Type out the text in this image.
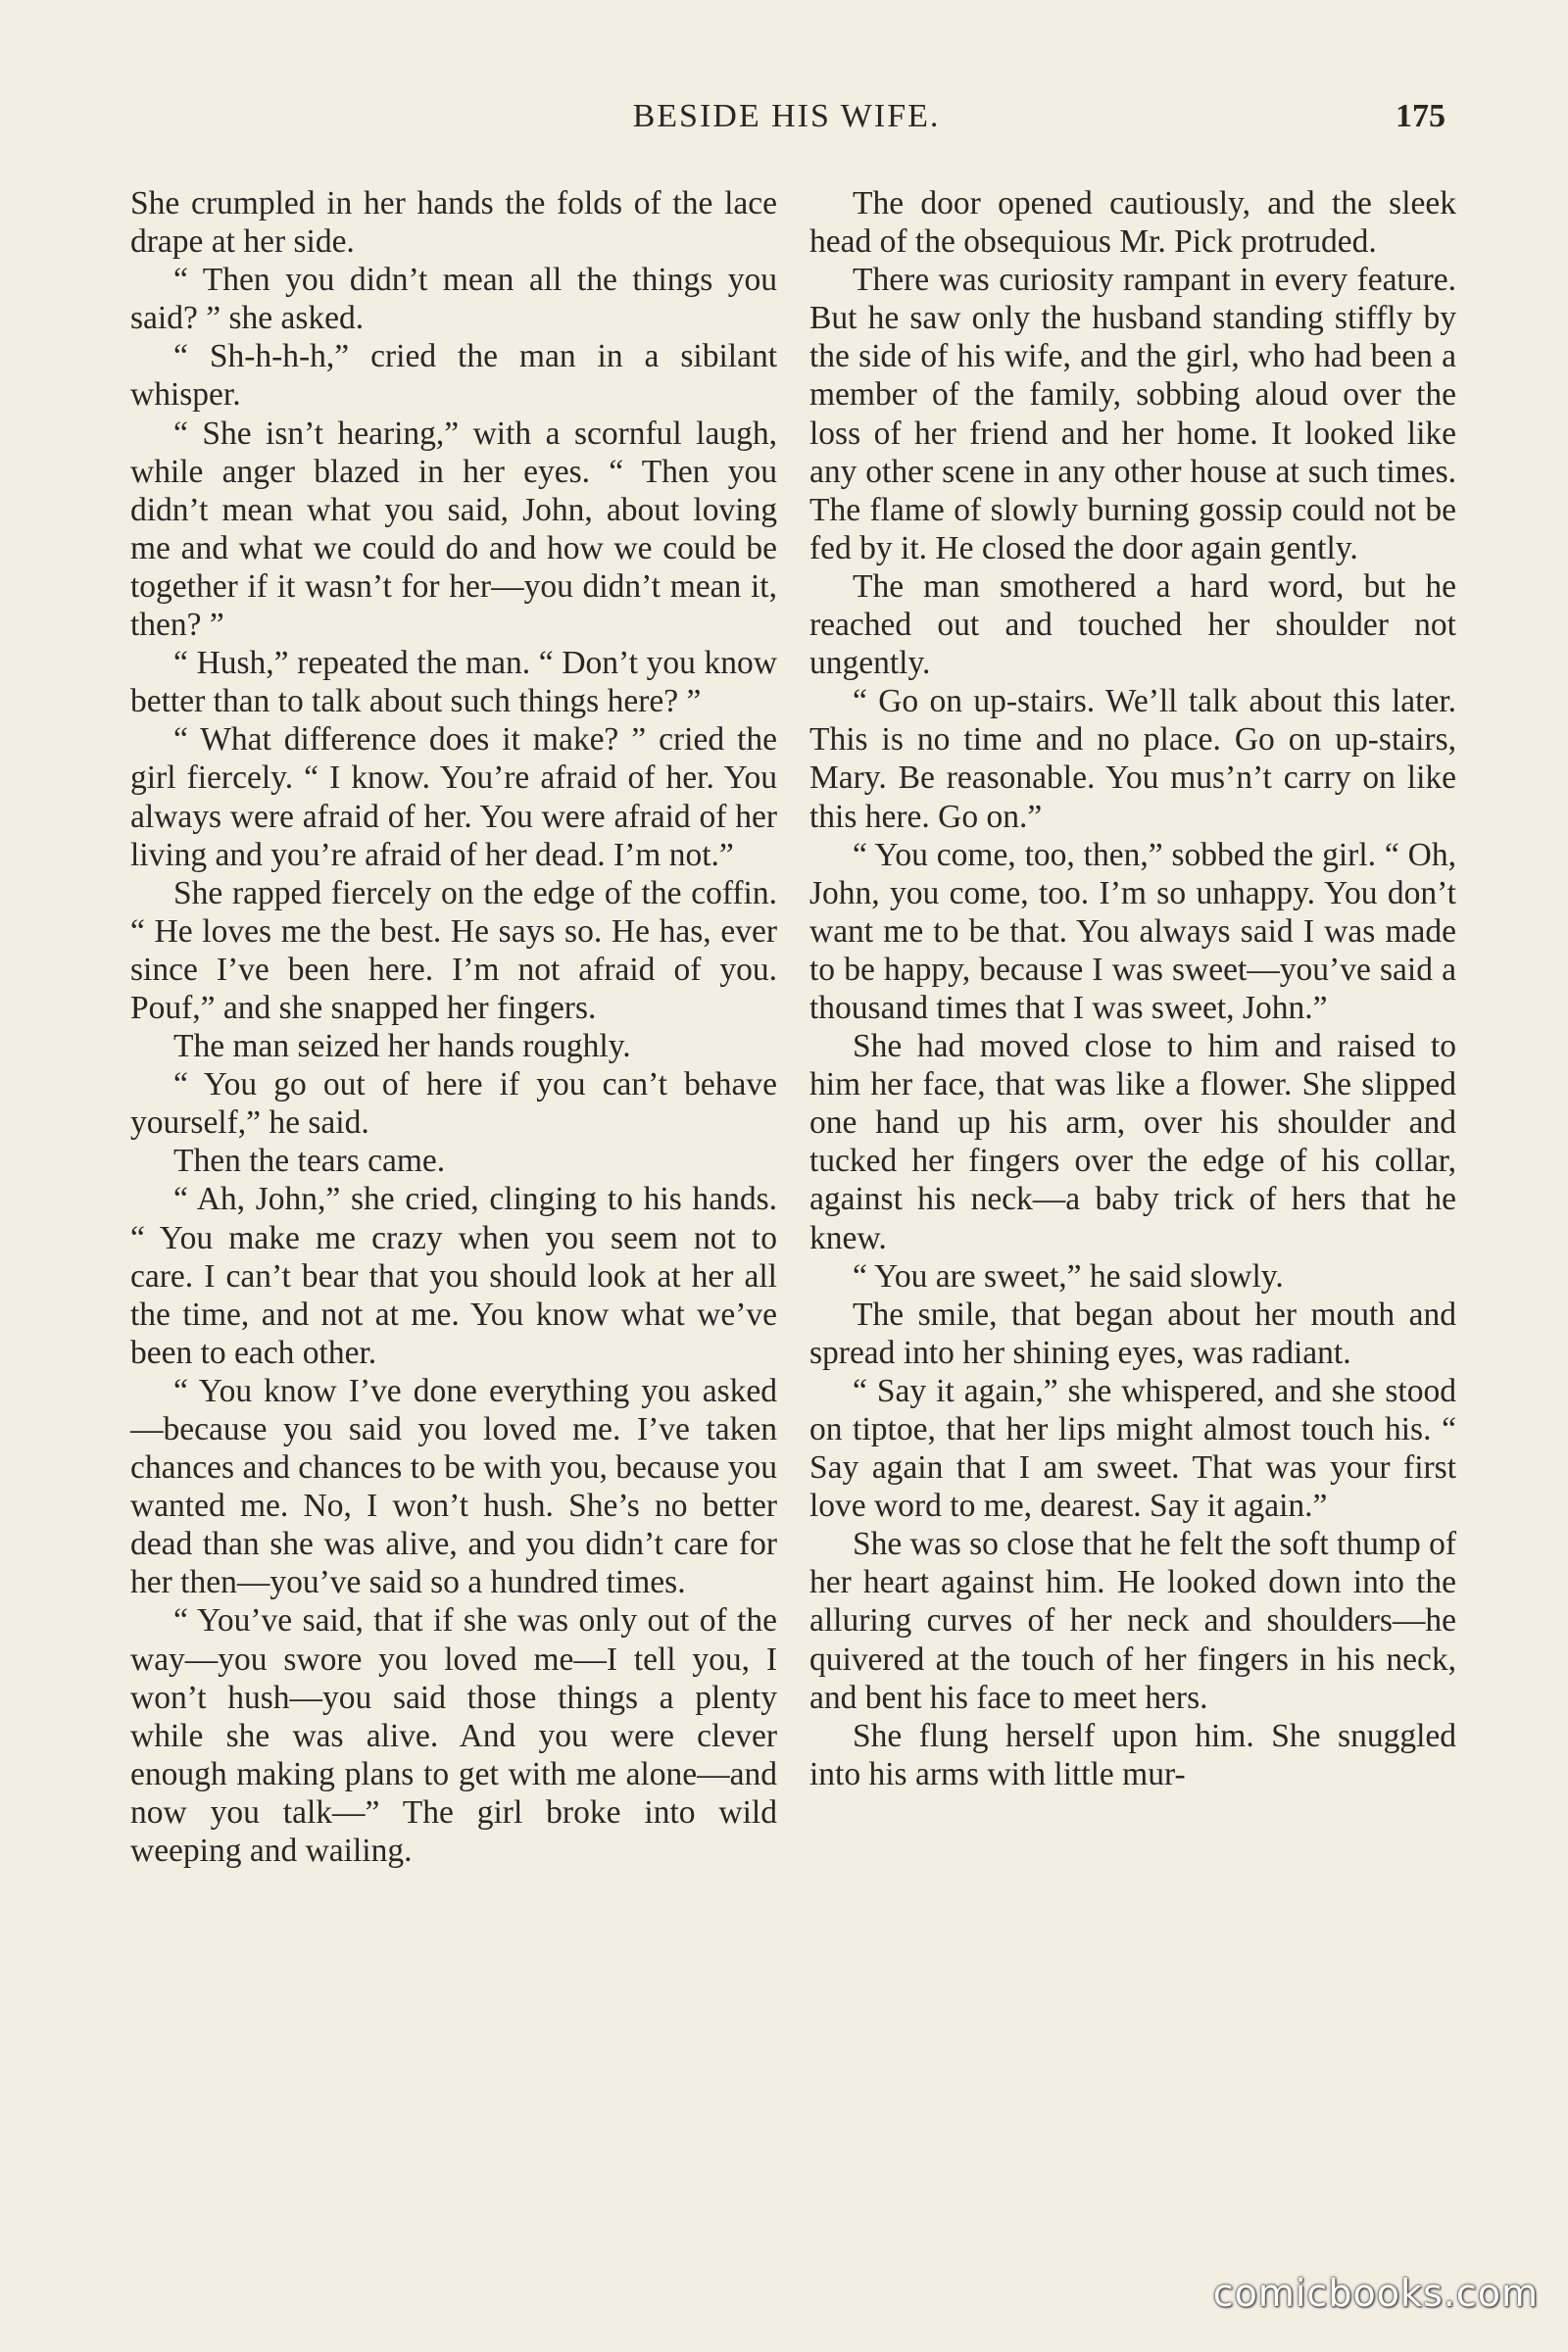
BESIDE HIS WIFE.	175

She crumpled in her hands the folds of the lace drape at her side.

“ Then you didn’t mean all the things you said? ” she asked.

“ Sh-h-h-h,” cried the man in a sibilant whisper.

“ She isn’t hearing,” with a scornful laugh, while anger blazed in her eyes. “ Then you didn’t mean what you said, John, about loving me and what we could do and how we could be together if it wasn’t for her—you didn’t mean it, then? ”

“ Hush,” repeated the man. “ Don’t you know better than to talk about such things here? ”

“ What difference does it make? ” cried the girl fiercely. “ I know. You’re afraid of her. You always were afraid of her. You were afraid of her living and you’re afraid of her dead. I’m not.”

She rapped fiercely on the edge of the coffin. “ He loves me the best. He says so. He has, ever since I’ve been here. I’m not afraid of you. Pouf,” and she snapped her fingers.

The man seized her hands roughly.

“ You go out of here if you can’t behave yourself,” he said.

Then the tears came.

“ Ah, John,” she cried, clinging to his hands. “ You make me crazy when you seem not to care. I can’t bear that you should look at her all the time, and not at me. You know what we’ve been to each other.

“ You know I’ve done everything you asked—because you said you loved me. I’ve taken chances and chances to be with you, because you wanted me. No, I won’t hush. She’s no better dead than she was alive, and you didn’t care for her then—you’ve said so a hundred times.

“ You’ve said, that if she was only out of the way—you swore you loved me—I tell you, I won’t hush—you said those things a plenty while she was alive. And you were clever enough making plans to get with me alone—and now you talk—” The girl broke into wild weeping and wailing.

The door opened cautiously, and the sleek head of the obsequious Mr. Pick protruded.

There was curiosity rampant in every feature. But he saw only the husband standing stiffly by the side of his wife, and the girl, who had been a member of the family, sobbing aloud over the loss of her friend and her home. It looked like any other scene in any other house at such times. The flame of slowly burning gossip could not be fed by it. He closed the door again gently.

The man smothered a hard word, but he reached out and touched her shoulder not ungently.

“ Go on up-stairs. We’ll talk about this later. This is no time and no place. Go on up-stairs, Mary. Be reasonable. You mus’n’t carry on like this here. Go on.”

“ You come, too, then,” sobbed the girl. “ Oh, John, you come, too. I’m so unhappy. You don’t want me to be that. You always said I was made to be happy, because I was sweet—you’ve said a thousand times that I was sweet, John.”

She had moved close to him and raised to him her face, that was like a flower. She slipped one hand up his arm, over his shoulder and tucked her fingers over the edge of his collar, against his neck—a baby trick of hers that he knew.

“ You are sweet,” he said slowly.

The smile, that began about her mouth and spread into her shining eyes, was radiant.

“ Say it again,” she whispered, and she stood on tiptoe, that her lips might almost touch his. “ Say again that I am sweet. That was your first love word to me, dearest. Say it again.”

She was so close that he felt the soft thump of her heart against him. He looked down into the alluring curves of her neck and shoulders—he quivered at the touch of her fingers in his neck, and bent his face to meet hers.

She flung herself upon him. She snuggled into his arms with little mur-

comicbooks.com
